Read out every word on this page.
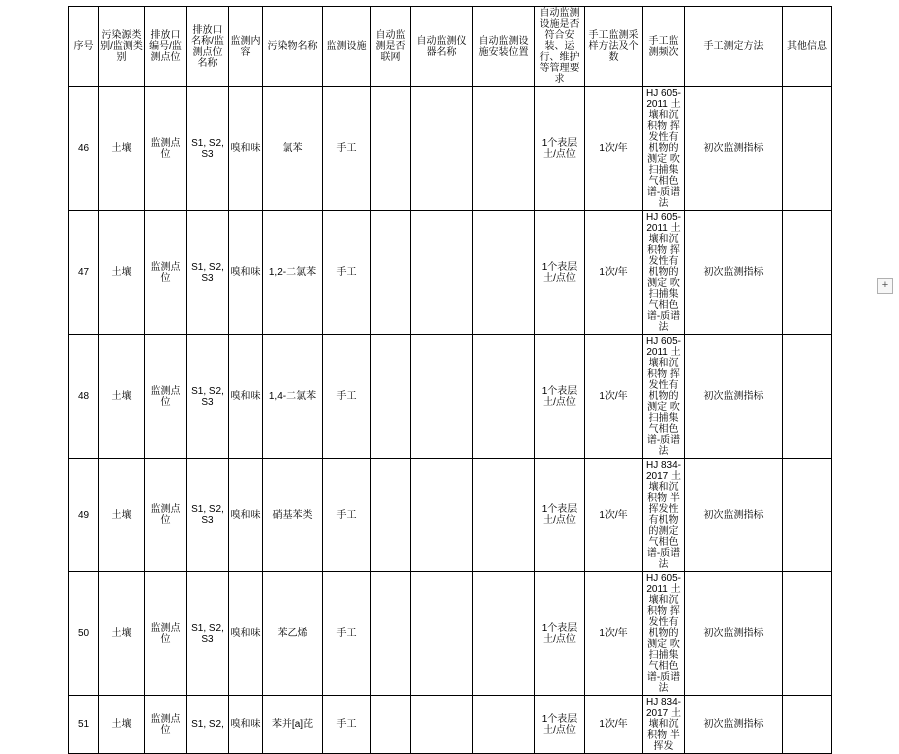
序号	污染源类别/监测类别	排放口编号/监测点位	排放口名称/监测点位名称	监测内容	污染物名称	监测设施	自动监测是否联网	自动监测仪器名称	自动监测设施安装位置	自动监测设施是否符合安装、运行、维护等管理要求	手工监测采样方法及个数	手工监测频次	手工测定方法	其他信息
46	土壤	监测点位	S1, S2, S3	嗅和味	氯苯	手工				1个表层土/点位	1次/年	HJ 605-2011 土壤和沉积物 挥发性有机物的测定 吹扫捕集气相色谱-质谱法	初次监测指标	
47	土壤	监测点位	S1, S2, S3	嗅和味	1,2-二氯苯	手工				1个表层土/点位	1次/年	HJ 605-2011 土壤和沉积物 挥发性有机物的测定 吹扫捕集气相色谱-质谱法	初次监测指标	
48	土壤	监测点位	S1, S2, S3	嗅和味	1,4-二氯苯	手工				1个表层土/点位	1次/年	HJ 605-2011 土壤和沉积物 挥发性有机物的测定 吹扫捕集气相色谱-质谱法	初次监测指标	
49	土壤	监测点位	S1, S2, S3	嗅和味	硝基苯类	手工				1个表层土/点位	1次/年	HJ 834-2017 土壤和沉积物 半挥发性有机物的测定 气相色谱-质谱法	初次监测指标	
50	土壤	监测点位	S1, S2, S3	嗅和味	苯乙烯	手工				1个表层土/点位	1次/年	HJ 605-2011 土壤和沉积物 挥发性有机物的测定 吹扫捕集气相色谱-质谱法	初次监测指标	
51	土壤	监测点位	S1, S2,	嗅和味	苯并[a]芘	手工				1个表层土/点位	1次/年	HJ 834-2017 土壤和沉积物 半挥发	初次监测指标	
+
